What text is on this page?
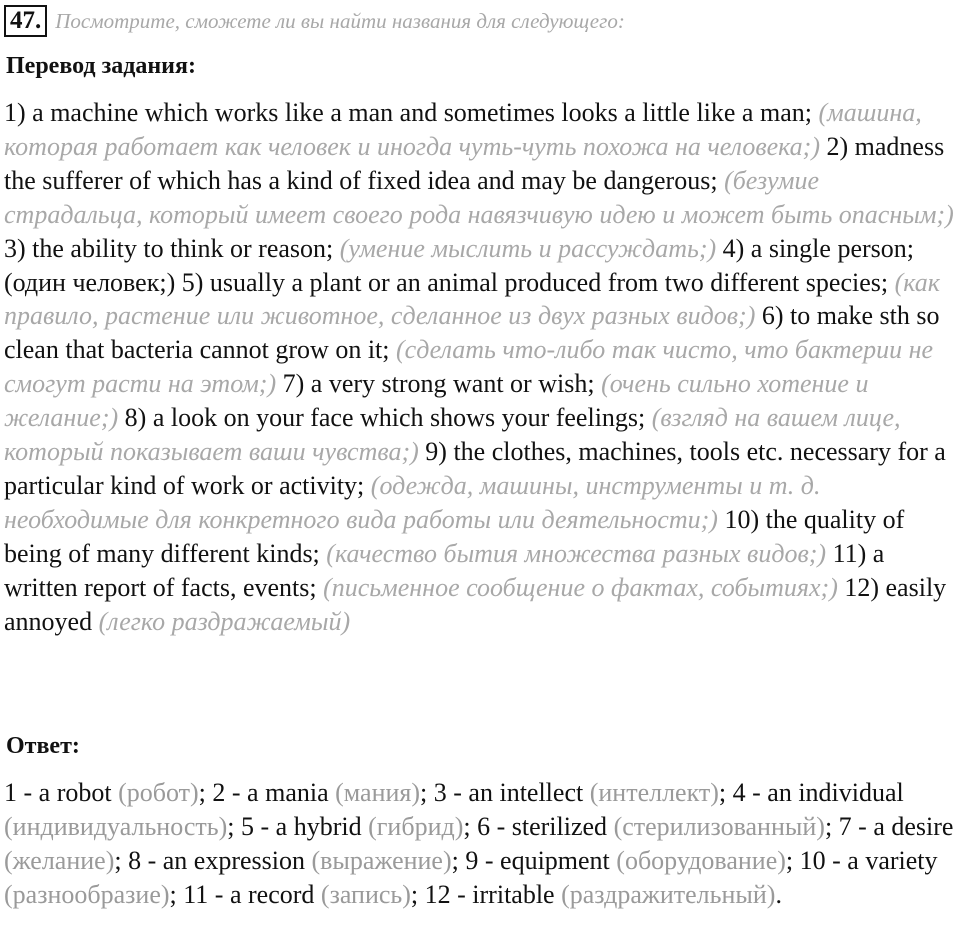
47. Посмотрите, сможете ли вы найти названия для следующего:
Перевод задания:
1) a machine which works like a man and sometimes looks a little like a man; (машина, которая работает как человек и иногда чуть-чуть похожа на человека;) 2) madness the sufferer of which has a kind of fixed idea and may be dangerous; (безумие страдальца, который имеет своего рода навязчивую идею и может быть опасным;) 3) the ability to think or reason; (умение мыслить и рассуждать;) 4) a single person; (один человек;) 5) usually a plant or an animal produced from two different species; (как правило, растение или животное, сделанное из двух разных видов;) 6) to make sth so clean that bacteria cannot grow on it; (сделать что-либо так чисто, что бактерии не смогут расти на этом;) 7) a very strong want or wish; (очень сильно хотение и желание;) 8) a look on your face which shows your feelings; (взгляд на вашем лице, который показывает ваши чувства;) 9) the clothes, machines, tools etc. necessary for a particular kind of work or activity; (одежда, машины, инструменты и т. д. необходимые для конкретного вида работы или деятельности;) 10) the quality of being of many different kinds; (качество бытия множества разных видов;) 11) a written report of facts, events; (письменное сообщение о фактах, событиях;) 12) easily annoyed (легко раздражаемый)
Ответ:
1 - a robot (робот); 2 - a mania (мания); 3 - an intellect (интеллект); 4 - an individual (индивидуальность); 5 - a hybrid (гибрид); 6 - sterilized (стерилизованный); 7 - a desire (желание); 8 - an expression (выражение); 9 - equipment (оборудование); 10 - a variety (разнообразие); 11 - a record (запись); 12 - irritable (раздражительный).
